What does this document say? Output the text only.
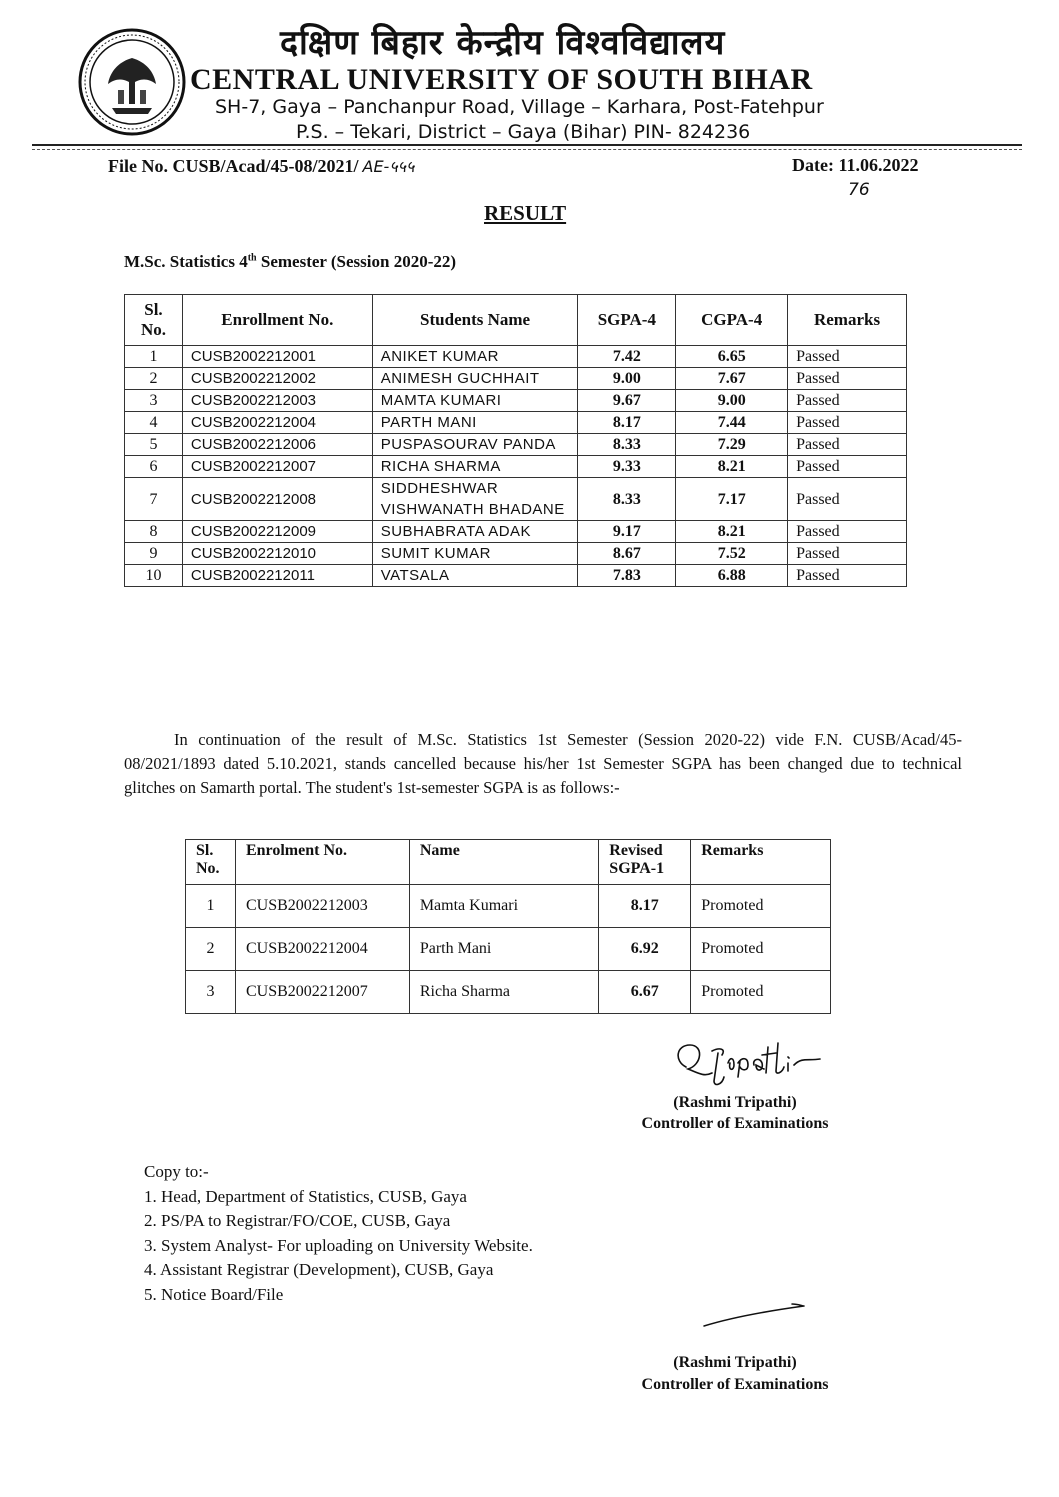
दक्षिण बिहार केन्द्रीय विश्वविद्यालय
CENTRAL UNIVERSITY OF SOUTH BIHAR
SH-7, Gaya – Panchanpur Road, Village – Karhara, Post-Fatehpur
P.S. – Tekari, District – Gaya (Bihar) PIN- 824236
File No. CUSB/Acad/45-08/2021/ AE-५५५	Date: 11.06.2022
76
RESULT
M.Sc. Statistics 4th Semester (Session 2020-22)
Sl. No.	Enrollment No.	Students Name	SGPA-4	CGPA-4	Remarks
1	CUSB2002212001	ANIKET KUMAR	7.42	6.65	Passed
2	CUSB2002212002	ANIMESH GUCHHAIT	9.00	7.67	Passed
3	CUSB2002212003	MAMTA KUMARI	9.67	9.00	Passed
4	CUSB2002212004	PARTH MANI	8.17	7.44	Passed
5	CUSB2002212006	PUSPASOURAV PANDA	8.33	7.29	Passed
6	CUSB2002212007	RICHA SHARMA	9.33	8.21	Passed
7	CUSB2002212008	SIDDHESHWAR VISHWANATH BHADANE	8.33	7.17	Passed
8	CUSB2002212009	SUBHABRATA ADAK	9.17	8.21	Passed
9	CUSB2002212010	SUMIT KUMAR	8.67	7.52	Passed
10	CUSB2002212011	VATSALA	7.83	6.88	Passed
In continuation of the result of M.Sc. Statistics 1st Semester (Session 2020-22) vide F.N. CUSB/Acad/45-08/2021/1893 dated 5.10.2021, stands cancelled because his/her 1st Semester SGPA has been changed due to technical glitches on Samarth portal. The student's 1st-semester SGPA is as follows:-
Sl. No.	Enrolment No.	Name	Revised SGPA-1	Remarks
1	CUSB2002212003	Mamta Kumari	8.17	Promoted
2	CUSB2002212004	Parth Mani	6.92	Promoted
3	CUSB2002212007	Richa Sharma	6.67	Promoted
(Rashmi Tripathi)
Controller of Examinations
Copy to:-
1. Head, Department of Statistics, CUSB, Gaya
2. PS/PA to Registrar/FO/COE, CUSB, Gaya
3. System Analyst- For uploading on University Website.
4. Assistant Registrar (Development), CUSB, Gaya
5. Notice Board/File
(Rashmi Tripathi)
Controller of Examinations
